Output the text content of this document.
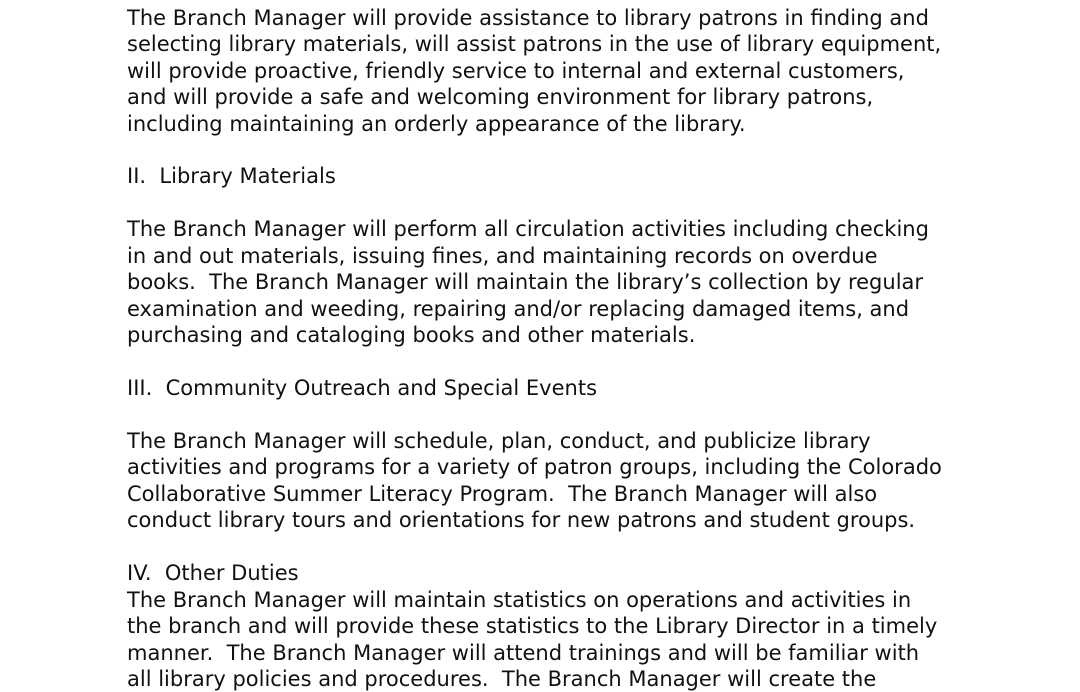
The Branch Manager will provide assistance to library patrons in finding and

selecting library materials, will assist patrons in the use of library equipment,

will provide proactive, friendly service to internal and external customers,

and will provide a safe and welcoming environment for library patrons,

including maintaining an orderly appearance of the library.

II.  Library Materials

The Branch Manager will perform all circulation activities including checking

in and out materials, issuing fines, and maintaining records on overdue

books.  The Branch Manager will maintain the library’s collection by regular

examination and weeding, repairing and/or replacing damaged items, and

purchasing and cataloging books and other materials.

III.  Community Outreach and Special Events

The Branch Manager will schedule, plan, conduct, and publicize library

activities and programs for a variety of patron groups, including the Colorado

Collaborative Summer Literacy Program.  The Branch Manager will also

conduct library tours and orientations for new patrons and student groups.

IV.  Other Duties

The Branch Manager will maintain statistics on operations and activities in

the branch and will provide these statistics to the Library Director in a timely

manner.  The Branch Manager will attend trainings and will be familiar with

all library policies and procedures.  The Branch Manager will create the
